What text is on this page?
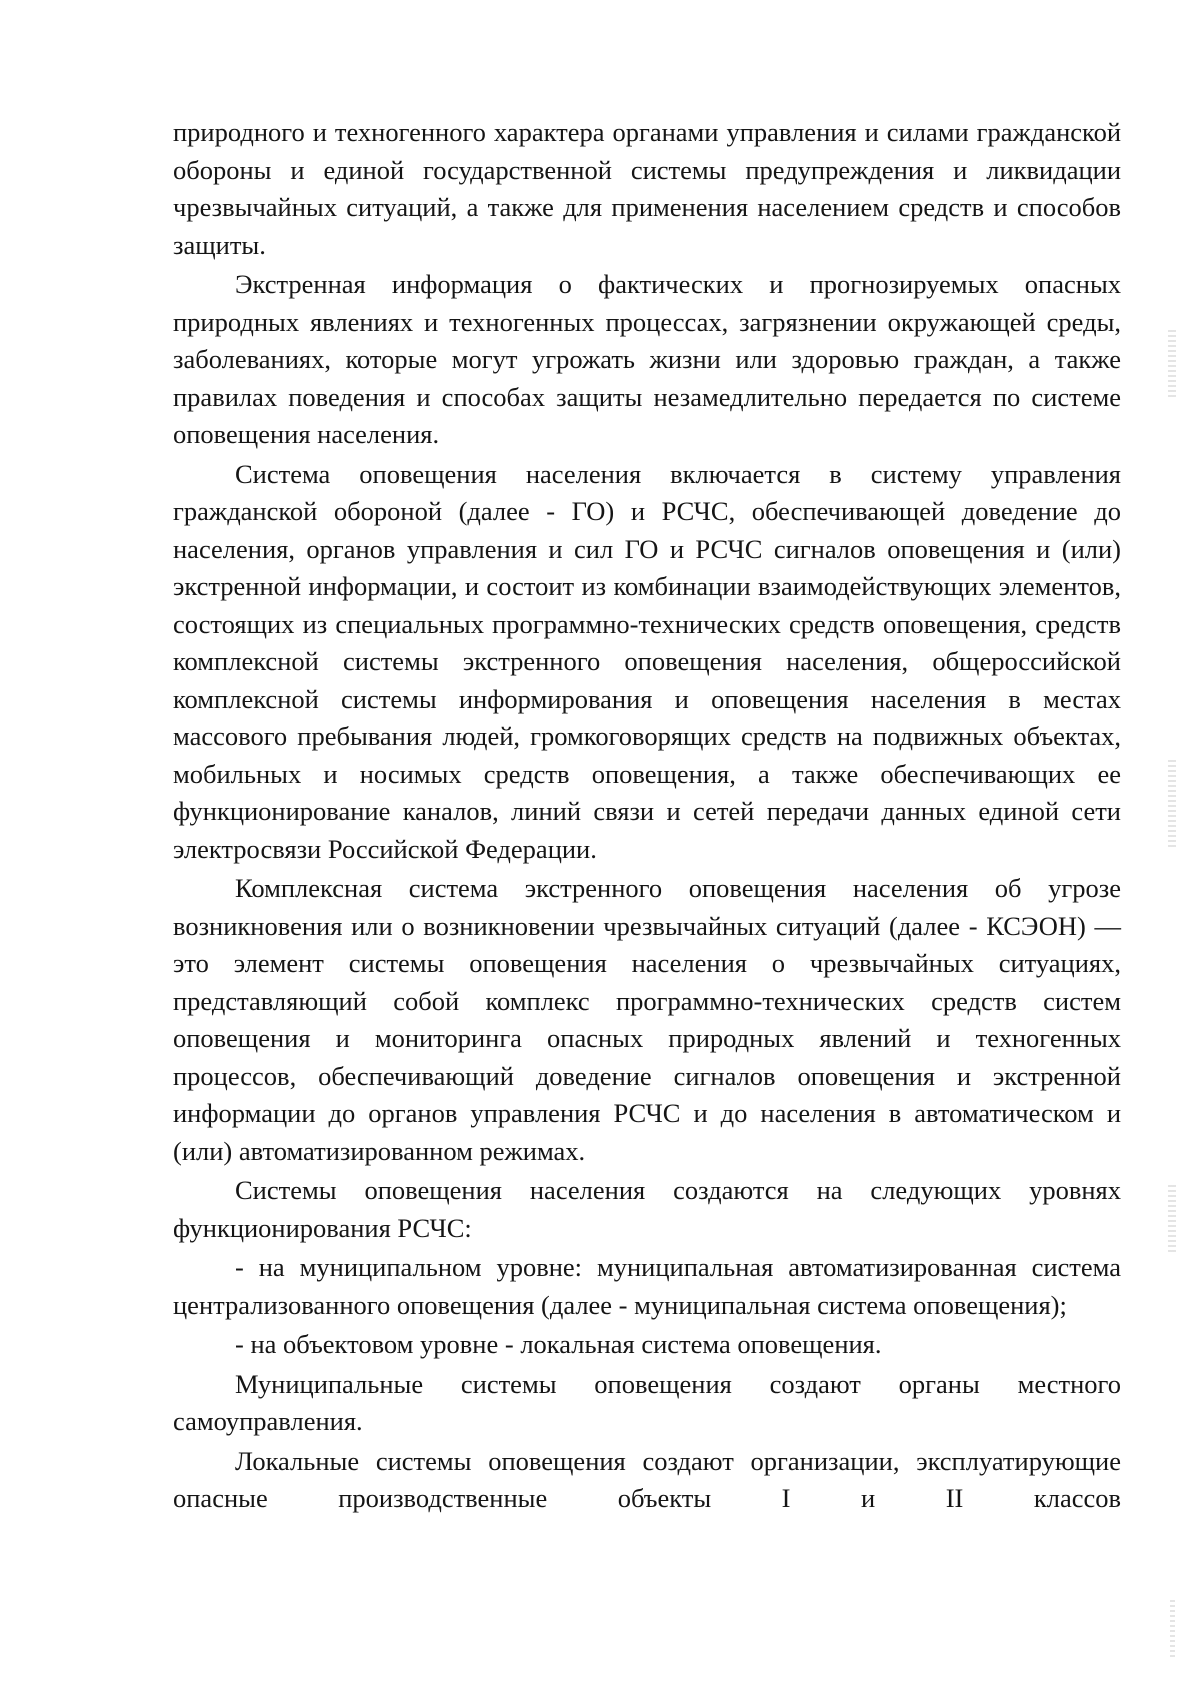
природного и техногенного характера органами управления и силами гражданской обороны и единой государственной системы предупреждения и ликвидации чрезвычайных ситуаций, а также для применения населением средств и способов защиты.

Экстренная информация о фактических и прогнозируемых опасных природных явлениях и техногенных процессах, загрязнении окружающей среды, заболеваниях, которые могут угрожать жизни или здоровью граждан, а также правилах поведения и способах защиты незамедлительно передается по системе оповещения населения.

Система оповещения населения включается в систему управления гражданской обороной (далее - ГО) и РСЧС, обеспечивающей доведение до населения, органов управления и сил ГО и РСЧС сигналов оповещения и (или) экстренной информации, и состоит из комбинации взаимодействующих элементов, состоящих из специальных программно-технических средств оповещения, средств комплексной системы экстренного оповещения населения, общероссийской комплексной системы информирования и оповещения населения в местах массового пребывания людей, громкоговорящих средств на подвижных объектах, мобильных и носимых средств оповещения, а также обеспечивающих ее функционирование каналов, линий связи и сетей передачи данных единой сети электросвязи Российской Федерации.

Комплексная система экстренного оповещения населения об угрозе возникновения или о возникновении чрезвычайных ситуаций (далее - КСЭОН) — это элемент системы оповещения населения о чрезвычайных ситуациях, представляющий собой комплекс программно-технических средств систем оповещения и мониторинга опасных природных явлений и техногенных процессов, обеспечивающий доведение сигналов оповещения и экстренной информации до органов управления РСЧС и до населения в автоматическом и (или) автоматизированном режимах.

Системы оповещения населения создаются на следующих уровнях функционирования РСЧС:

- на муниципальном уровне: муниципальная автоматизированная система централизованного оповещения (далее - муниципальная система оповещения);

- на объектовом уровне - локальная система оповещения.

Муниципальные системы оповещения создают органы местного самоуправления.

Локальные системы оповещения создают организации, эксплуатирующие опасные производственные объекты I и II классов
